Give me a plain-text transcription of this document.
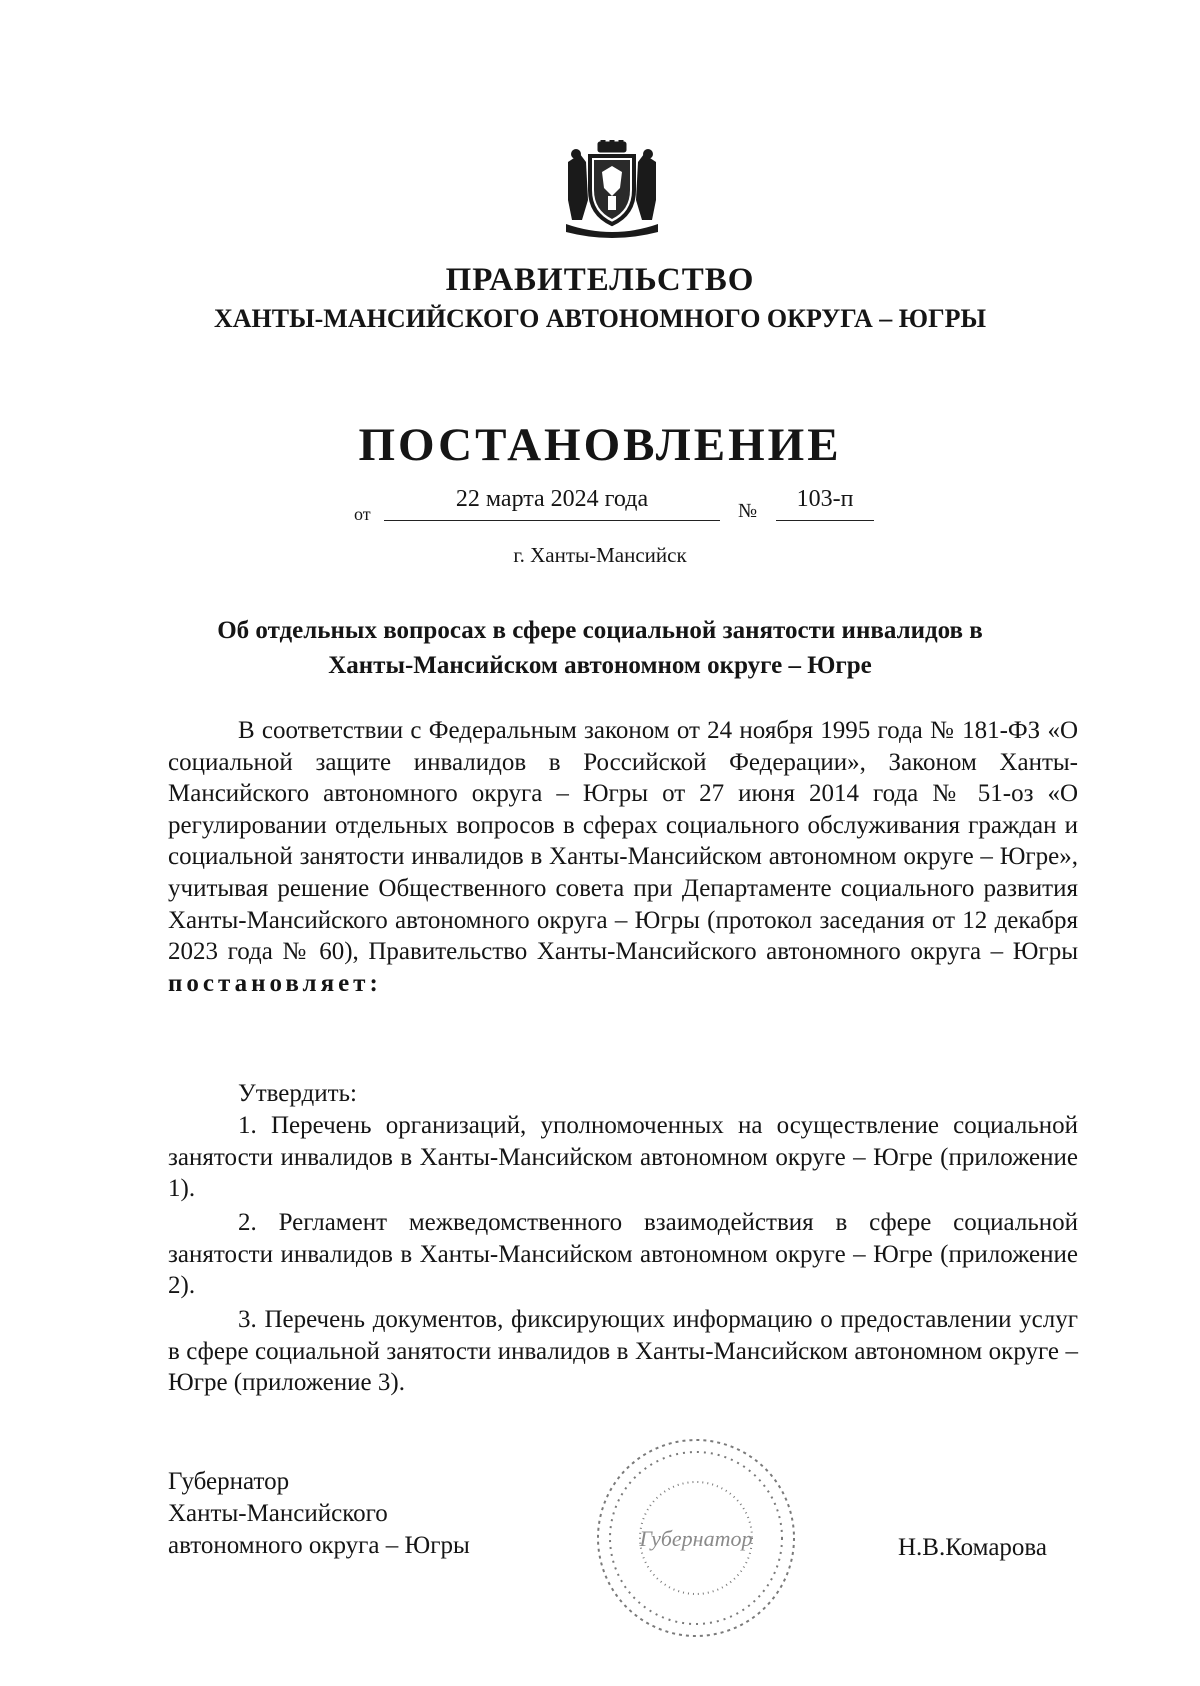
ПРАВИТЕЛЬСТВО
ХАНТЫ-МАНСИЙСКОГО АВТОНОМНОГО ОКРУГА – ЮГРЫ
ПОСТАНОВЛЕНИЕ
от
22 марта 2024 года	№	103-п
г. Ханты-Мансийск
Об отдельных вопросах в сфере социальной занятости инвалидов в
Ханты-Мансийском автономном округе – Югре
В соответствии с Федеральным законом от 24 ноября 1995 года № 181-ФЗ «О социальной защите инвалидов в Российской Федерации», Законом Ханты-Мансийского автономного округа – Югры от 27 июня 2014 года № 51-оз «О регулировании отдельных вопросов в сферах социального обслуживания граждан и социальной занятости инвалидов в Ханты-Мансийском автономном округе – Югре», учитывая решение Общественного совета при Департаменте социального развития Ханты-Мансийского автономного округа – Югры (протокол заседания от 12 декабря 2023 года № 60), Правительство Ханты-Мансийского автономного округа – Югры постановляет:
Утвердить:
1. Перечень организаций, уполномоченных на осуществление социальной занятости инвалидов в Ханты-Мансийском автономном округе – Югре (приложение 1).
2. Регламент межведомственного взаимодействия в сфере социальной занятости инвалидов в Ханты-Мансийском автономном округе – Югре (приложение 2).
3. Перечень документов, фиксирующих информацию о предоставлении услуг в сфере социальной занятости инвалидов в Ханты-Мансийском автономном округе – Югре (приложение 3).
Губернатор
Ханты-Мансийского
автономного округа – Югры	Губернатор	Н.В.Комарова
